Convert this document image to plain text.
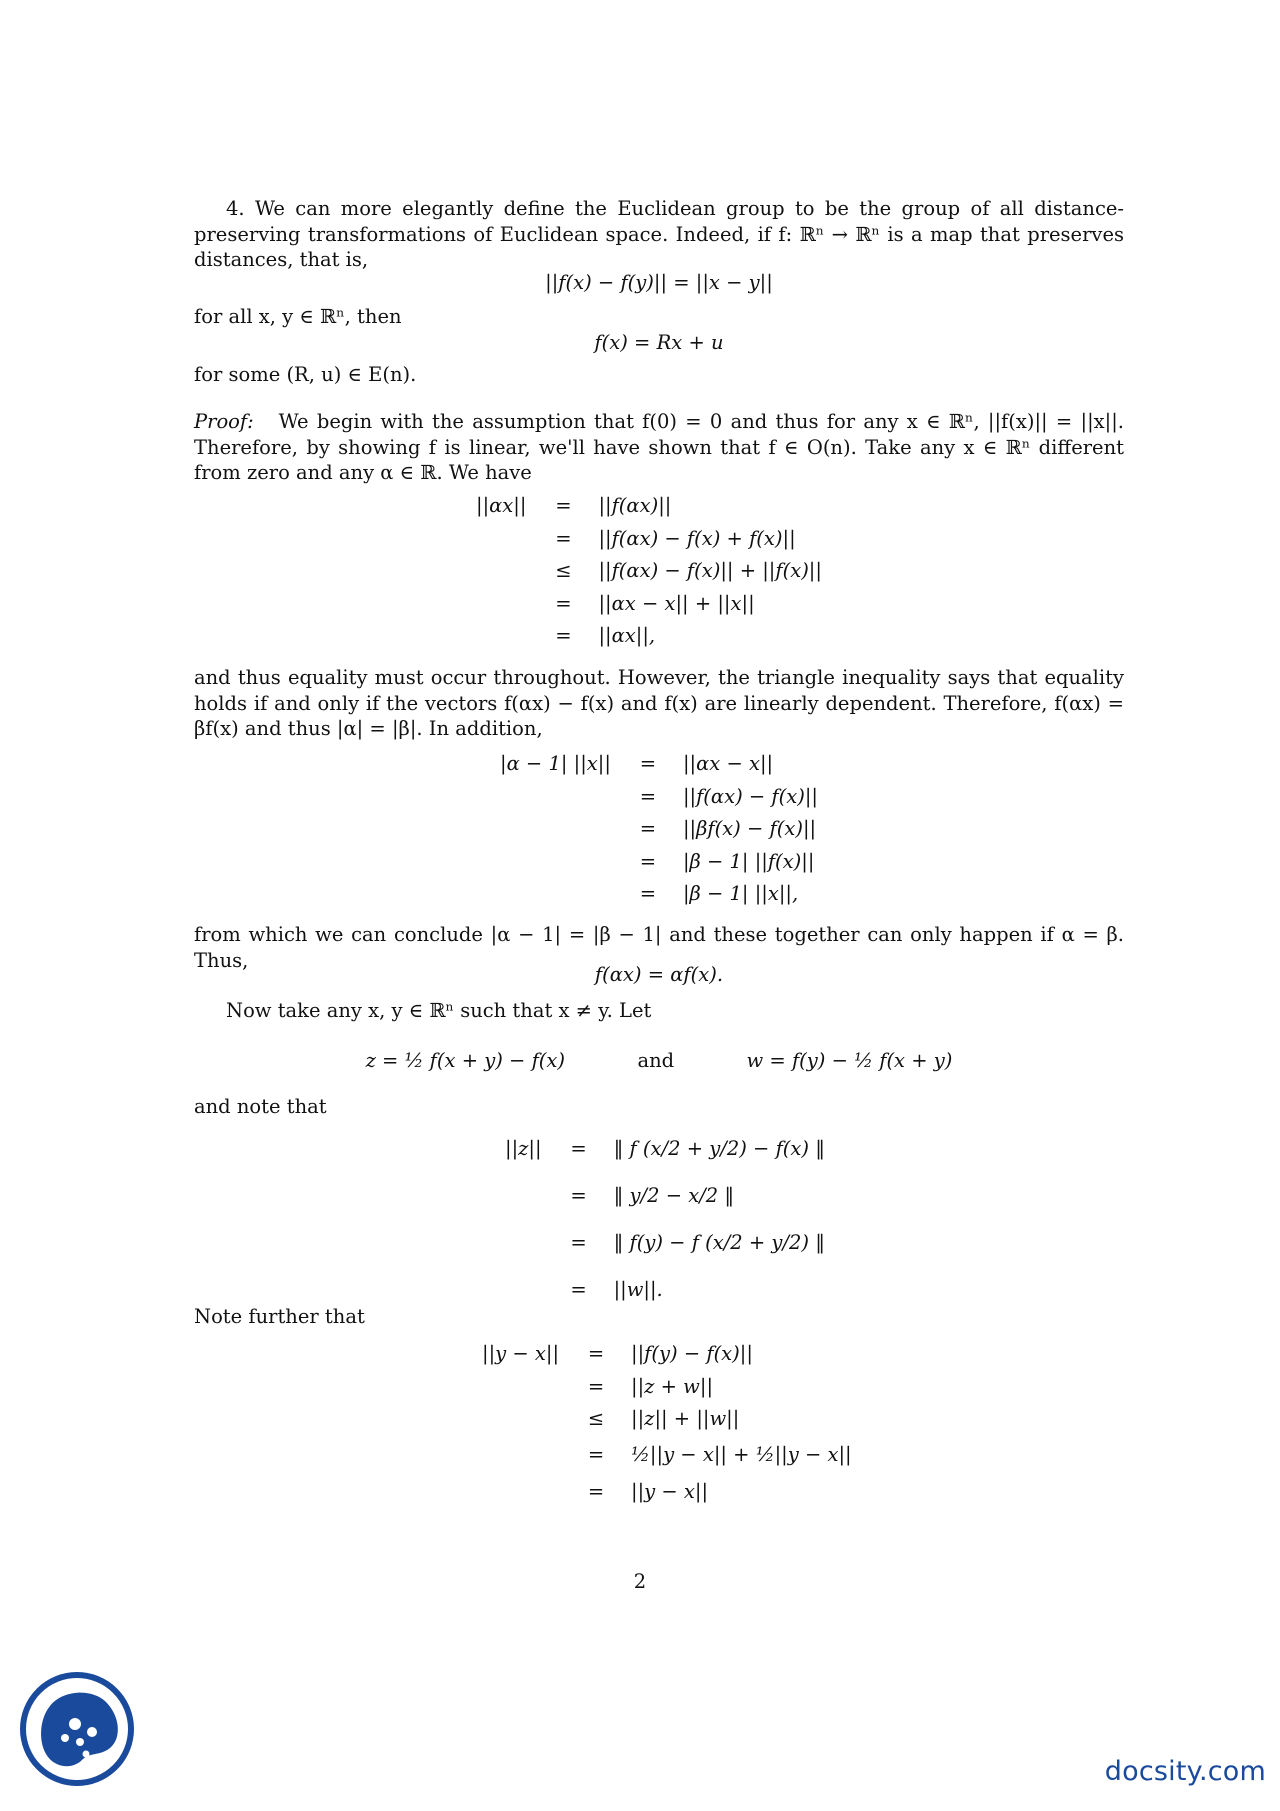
4. We can more elegantly define the Euclidean group to be the group of all distance-preserving transformations of Euclidean space. Indeed, if f: ℝⁿ → ℝⁿ is a map that preserves distances, that is,

||f(x) − f(y)|| = ||x − y||

for all x, y ∈ ℝⁿ, then

f(x) = Rx + u

for some (R, u) ∈ E(n).

Proof: We begin with the assumption that f(0) = 0 and thus for any x ∈ ℝⁿ, ||f(x)|| = ||x||. Therefore, by showing f is linear, we'll have shown that f ∈ O(n). Take any x ∈ ℝⁿ different from zero and any α ∈ ℝ. We have

||αx||	=	||f(αx)||
	=	||f(αx) − f(x) + f(x)||
	≤	||f(αx) − f(x)|| + ||f(x)||
	=	||αx − x|| + ||x||
	=	||αx||,

and thus equality must occur throughout. However, the triangle inequality says that equality holds if and only if the vectors f(αx) − f(x) and f(x) are linearly dependent. Therefore, f(αx) = βf(x) and thus |α| = |β|. In addition,

|α − 1| ||x||	=	||αx − x||
	=	||f(αx) − f(x)||
	=	||βf(x) − f(x)||
	=	|β − 1| ||f(x)||
	=	|β − 1| ||x||,

from which we can conclude |α − 1| = |β − 1| and these together can only happen if α = β. Thus,

f(αx) = αf(x).

Now take any x, y ∈ ℝⁿ such that x ≠ y. Let

z = ½ f(x + y) − f(x)	and	w = f(y) − ½ f(x + y)

and note that

||z||	=	‖ f (x/2 + y/2) − f(x) ‖
	=	‖ y/2 − x/2 ‖
	=	‖ f(y) − f (x/2 + y/2) ‖
	=	||w||.

Note further that

||y − x||	=	||f(y) − f(x)||
	=	||z + w||
	≤	||z|| + ||w||
	=	½||y − x|| + ½||y − x||
	=	||y − x||
2
docsity.com
